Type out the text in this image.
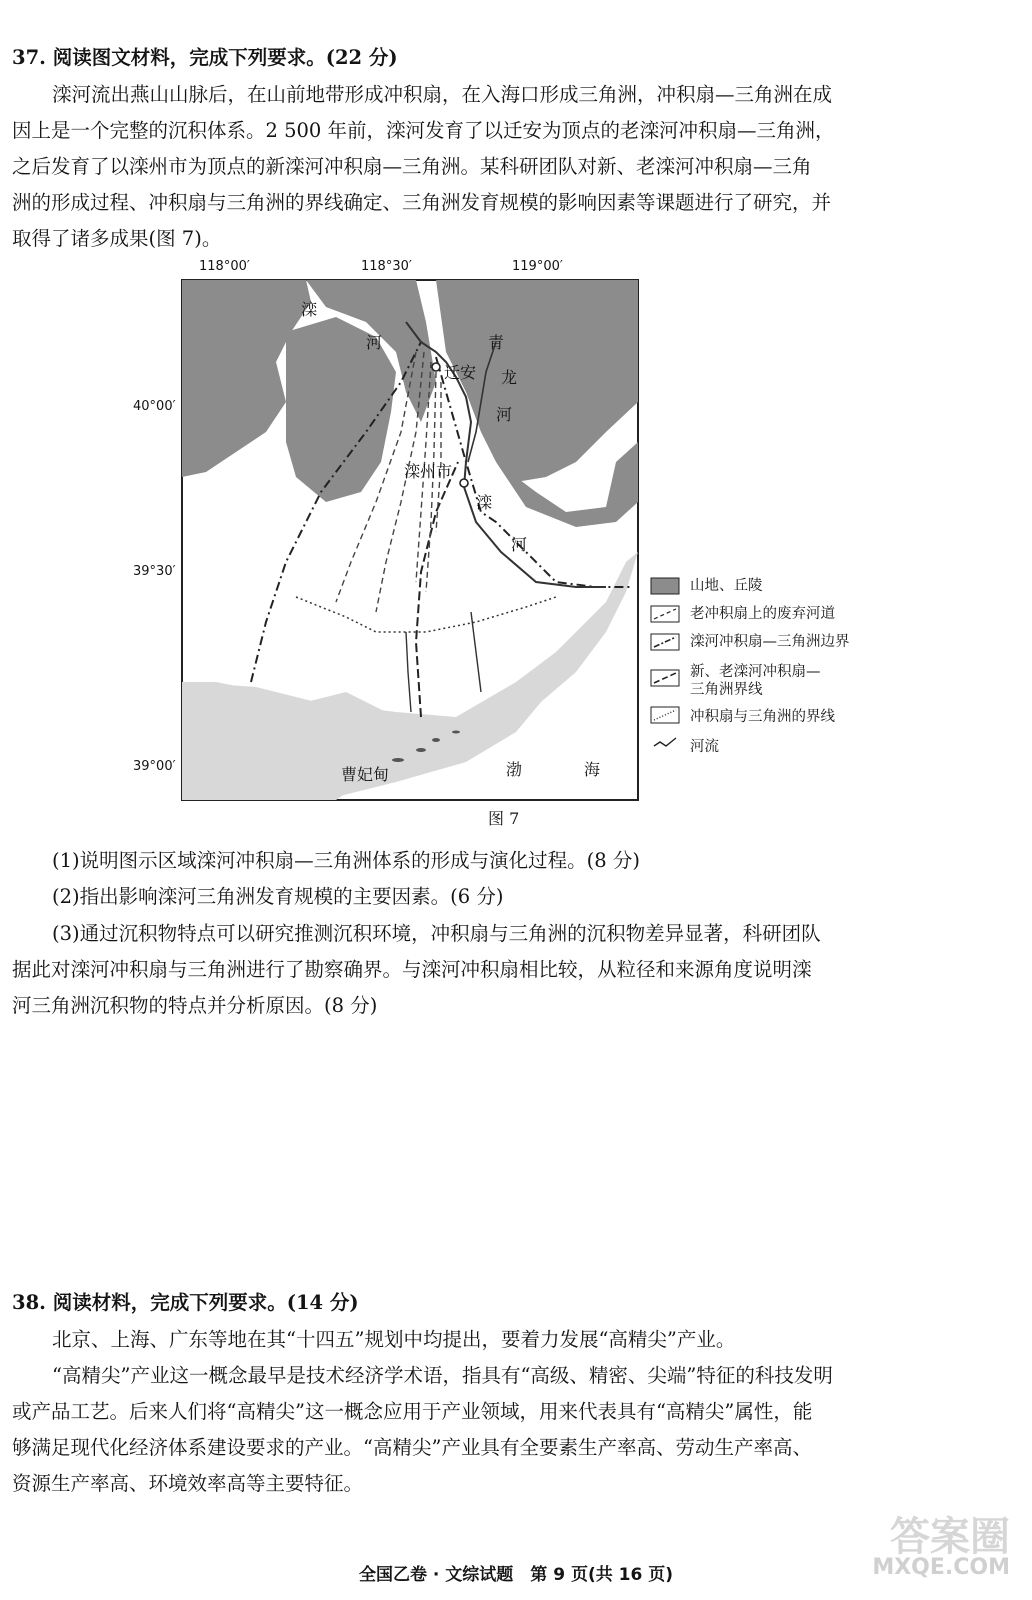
37. 阅读图文材料，完成下列要求。(22 分)
滦河流出燕山山脉后，在山前地带形成冲积扇，在入海口形成三角洲，冲积扇—三角洲在成
因上是一个完整的沉积体系。2 500 年前，滦河发育了以迁安为顶点的老滦河冲积扇—三角洲，
之后发育了以滦州市为顶点的新滦河冲积扇—三角洲。某科研团队对新、老滦河冲积扇—三角
洲的形成过程、冲积扇与三角洲的界线确定、三角洲发育规模的影响因素等课题进行了研究，并
取得了诸多成果(图 7)。
118°00′	118°30′	119°00′
40°00′
39°30′
39°00′
滦
河	青
龙
河
迁安
滦州市
滦
河
曹妃甸	渤	海
图 7
山地、丘陵
老冲积扇上的废弃河道
滦河冲积扇—三角洲边界
新、老滦河冲积扇—
三角洲界线
冲积扇与三角洲的界线
河流
(1)说明图示区域滦河冲积扇—三角洲体系的形成与演化过程。(8 分)
(2)指出影响滦河三角洲发育规模的主要因素。(6 分)
(3)通过沉积物特点可以研究推测沉积环境，冲积扇与三角洲的沉积物差异显著，科研团队
据此对滦河冲积扇与三角洲进行了勘察确界。与滦河冲积扇相比较，从粒径和来源角度说明滦
河三角洲沉积物的特点并分析原因。(8 分)
38. 阅读材料，完成下列要求。(14 分)
北京、上海、广东等地在其“十四五”规划中均提出，要着力发展“高精尖”产业。
“高精尖”产业这一概念最早是技术经济学术语，指具有“高级、精密、尖端”特征的科技发明
或产品工艺。后来人们将“高精尖”这一概念应用于产业领域，用来代表具有“高精尖”属性，能
够满足现代化经济体系建设要求的产业。“高精尖”产业具有全要素生产率高、劳动生产率高、
资源生产率高、环境效率高等主要特征。
答案圈
MXQE.COM
全国乙卷 · 文综试题　第 9 页(共 16 页)
